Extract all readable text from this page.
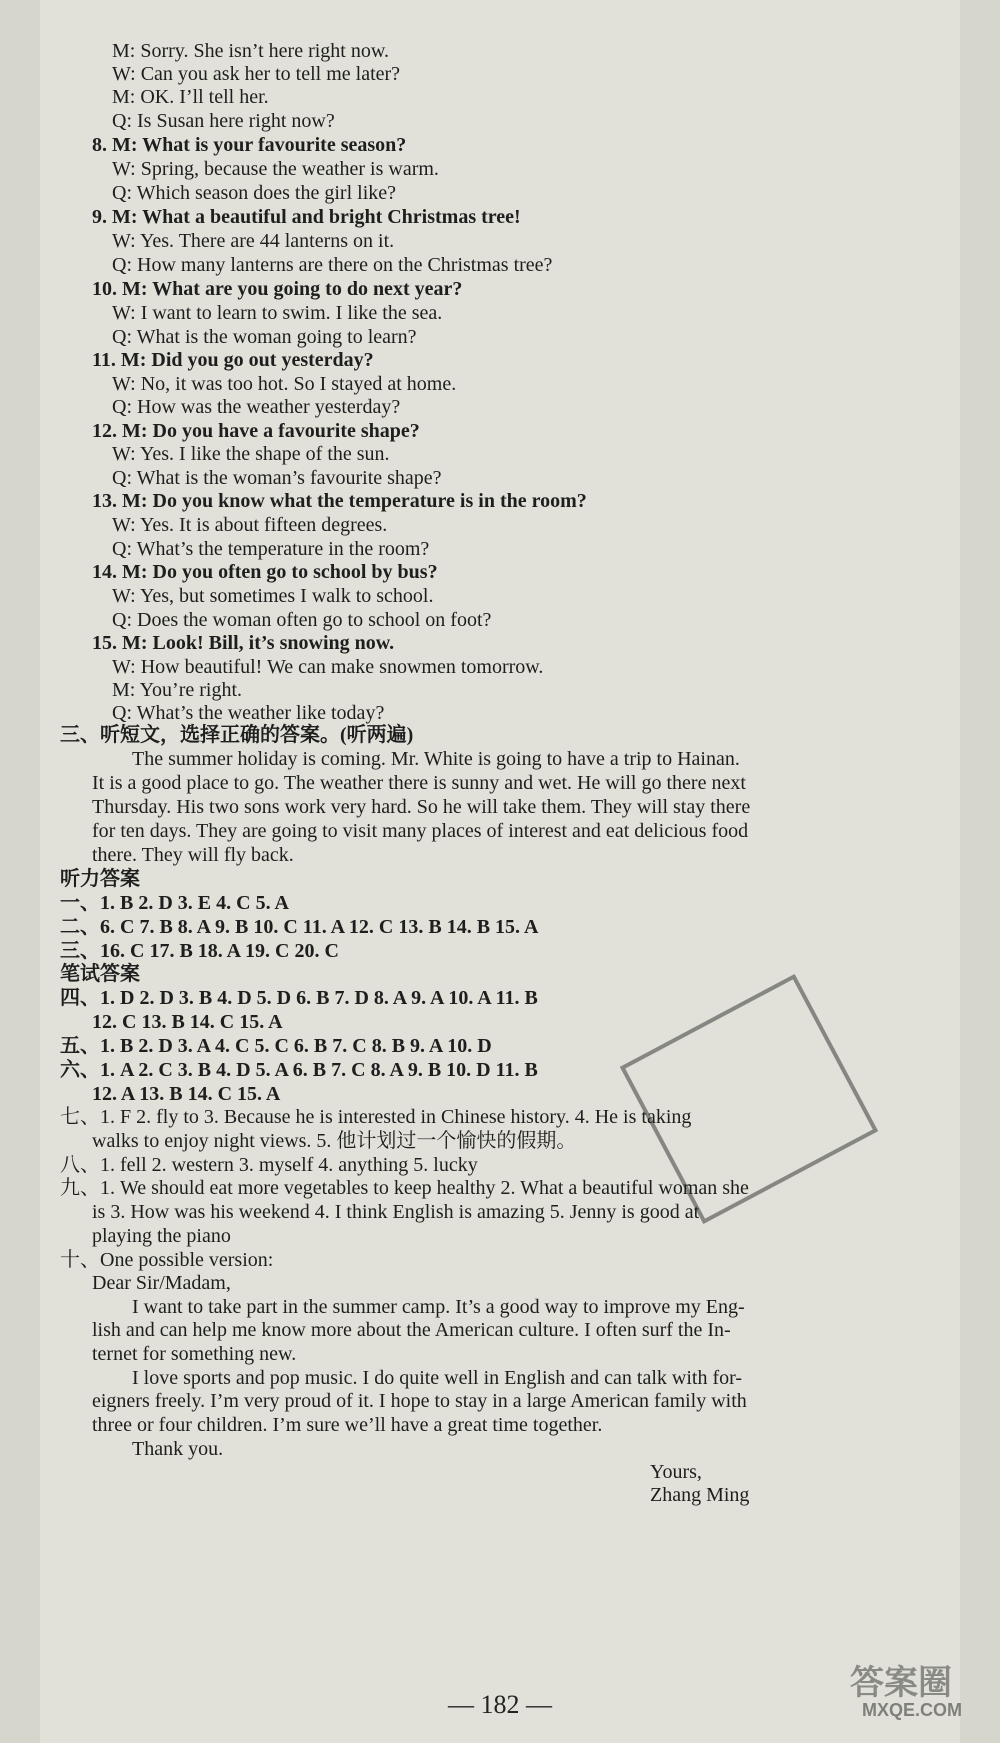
M: Sorry. She isn’t here right now.
W: Can you ask her to tell me later?
M: OK. I’ll tell her.
Q: Is Susan here right now?
8. M: What is your favourite season?
W: Spring, because the weather is warm.
Q: Which season does the girl like?
9. M: What a beautiful and bright Christmas tree!
W: Yes. There are 44 lanterns on it.
Q: How many lanterns are there on the Christmas tree?
10. M: What are you going to do next year?
W: I want to learn to swim. I like the sea.
Q: What is the woman going to learn?
11. M: Did you go out yesterday?
W: No, it was too hot. So I stayed at home.
Q: How was the weather yesterday?
12. M: Do you have a favourite shape?
W: Yes. I like the shape of the sun.
Q: What is the woman’s favourite shape?
13. M: Do you know what the temperature is in the room?
W: Yes. It is about fifteen degrees.
Q: What’s the temperature in the room?
14. M: Do you often go to school by bus?
W: Yes, but sometimes I walk to school.
Q: Does the woman often go to school on foot?
15. M: Look! Bill, it’s snowing now.
W: How beautiful! We can make snowmen tomorrow.
M: You’re right.
Q: What’s the weather like today?
三、听短文，选择正确的答案。(听两遍)
The summer holiday is coming. Mr. White is going to have a trip to Hainan.
It is a good place to go. The weather there is sunny and wet. He will go there next
Thursday. His two sons work very hard. So he will take them. They will stay there
for ten days. They are going to visit many places of interest and eat delicious food
there. They will fly back.
听力答案
一、1. B 2. D 3. E 4. C 5. A
二、6. C 7. B 8. A 9. B 10. C 11. A 12. C 13. B 14. B 15. A
三、16. C 17. B 18. A 19. C 20. C
笔试答案
四、1. D 2. D 3. B 4. D 5. D 6. B 7. D 8. A 9. A 10. A 11. B
12. C 13. B 14. C 15. A
五、1. B 2. D 3. A 4. C 5. C 6. B 7. C 8. B 9. A 10. D
六、1. A 2. C 3. B 4. D 5. A 6. B 7. C 8. A 9. B 10. D 11. B
12. A 13. B 14. C 15. A
七、1. F 2. fly to 3. Because he is interested in Chinese history. 4. He is taking
walks to enjoy night views. 5. 他计划过一个愉快的假期。
八、1. fell 2. western 3. myself 4. anything 5. lucky
九、1. We should eat more vegetables to keep healthy 2. What a beautiful woman she
is 3. How was his weekend 4. I think English is amazing 5. Jenny is good at
playing the piano
十、One possible version:
Dear Sir/Madam,
I want to take part in the summer camp. It’s a good way to improve my Eng-
lish and can help me know more about the American culture. I often surf the In-
ternet for something new.
I love sports and pop music. I do quite well in English and can talk with for-
eigners freely. I’m very proud of it. I hope to stay in a large American family with
three or four children. I’m sure we’ll have a great time together.
Thank you.
Yours,
Zhang Ming
— 182 —
答案圈
MXQE.COM
